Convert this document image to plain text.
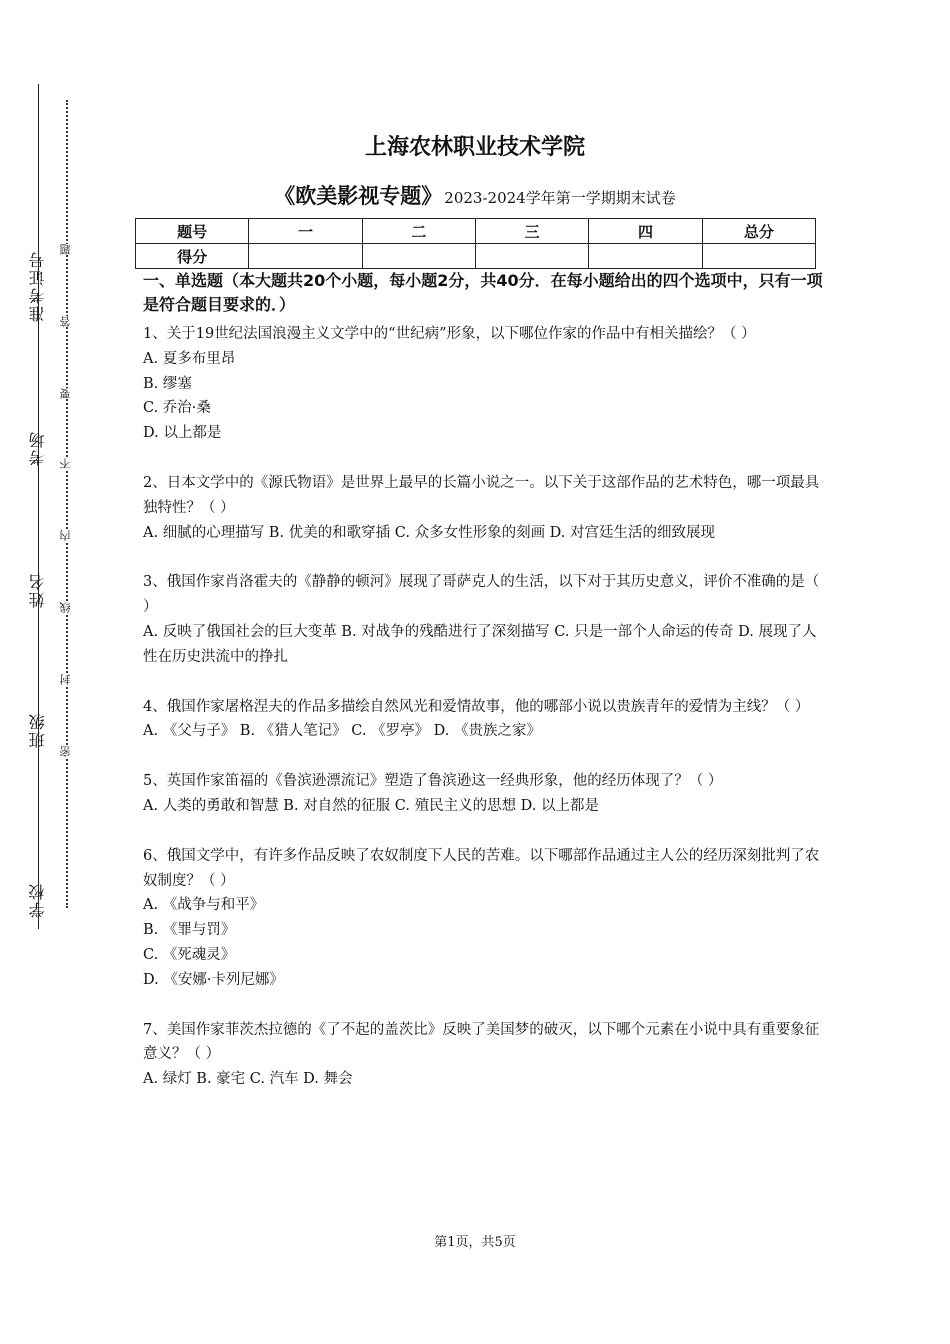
准考证号
考场
姓名
班级
学校
题
答
要
不
内
线
封
密
上海农林职业技术学院
《欧美影视专题》 2023-2024学年第一学期期末试卷
题号	一	二	三	四	总分
得分					
一、单选题（本大题共20个小题，每小题2分，共40分．在每小题给出的四个选项中，只有一项是符合题目要求的．）
1、关于19世纪法国浪漫主义文学中的“世纪病”形象，以下哪位作家的作品中有相关描绘？（ ）
A. 夏多布里昂
B. 缪塞
C. 乔治·桑
D. 以上都是
2、日本文学中的《源氏物语》是世界上最早的长篇小说之一。以下关于这部作品的艺术特色，哪一项最具独特性？（ ）
A. 细腻的心理描写 B. 优美的和歌穿插 C. 众多女性形象的刻画 D. 对宫廷生活的细致展现
3、俄国作家肖洛霍夫的《静静的顿河》展现了哥萨克人的生活，以下对于其历史意义，评价不准确的是（ ）
A. 反映了俄国社会的巨大变革 B. 对战争的残酷进行了深刻描写 C. 只是一部个人命运的传奇 D. 展现了人性在历史洪流中的挣扎
4、俄国作家屠格涅夫的作品多描绘自然风光和爱情故事，他的哪部小说以贵族青年的爱情为主线？（ ）
A. 《父与子》 B. 《猎人笔记》 C. 《罗亭》 D. 《贵族之家》
5、英国作家笛福的《鲁滨逊漂流记》塑造了鲁滨逊这一经典形象，他的经历体现了？（ ）
A. 人类的勇敢和智慧 B. 对自然的征服 C. 殖民主义的思想 D. 以上都是
6、俄国文学中，有许多作品反映了农奴制度下人民的苦难。以下哪部作品通过主人公的经历深刻批判了农奴制度？（ ）
A. 《战争与和平》
B. 《罪与罚》
C. 《死魂灵》
D. 《安娜·卡列尼娜》
7、美国作家菲茨杰拉德的《了不起的盖茨比》反映了美国梦的破灭，以下哪个元素在小说中具有重要象征意义？（ ）
A. 绿灯 B. 豪宅 C. 汽车 D. 舞会
第1页，共5页
